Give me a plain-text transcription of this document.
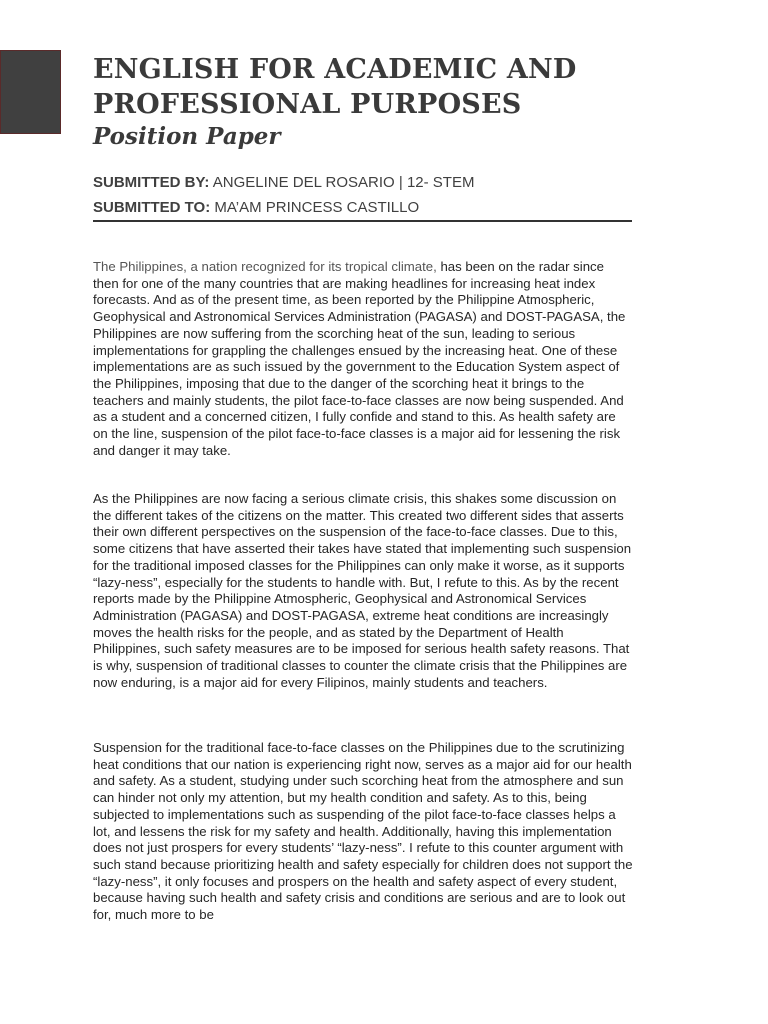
ENGLISH FOR ACADEMIC AND
PROFESSIONAL PURPOSES
Position Paper
SUBMITTED BY: ANGELINE DEL ROSARIO | 12- STEM
SUBMITTED TO: MA’AM PRINCESS CASTILLO

The Philippines, a nation recognized for its tropical climate, has been on the radar since then for one of the many countries that are making headlines for increasing heat index forecasts. And as of the present time, as been reported by the Philippine Atmospheric, Geophysical and Astronomical Services Administration (PAGASA) and DOST-PAGASA, the Philippines are now suffering from the scorching heat of the sun, leading to serious implementations for grappling the challenges ensued by the increasing heat. One of these implementations are as such issued by the government to the Education System aspect of the Philippines, imposing that due to the danger of the scorching heat it brings to the teachers and mainly students, the pilot face-to-face classes are now being suspended. And as a student and a concerned citizen, I fully confide and stand to this. As health safety are on the line, suspension of the pilot face-to-face classes is a major aid for lessening the risk and danger it may take.

As the Philippines are now facing a serious climate crisis, this shakes some discussion on the different takes of the citizens on the matter. This created two different sides that asserts their own different perspectives on the suspension of the face-to-face classes. Due to this, some citizens that have asserted their takes have stated that implementing such suspension for the traditional imposed classes for the Philippines can only make it worse, as it supports “lazy-ness”, especially for the students to handle with. But, I refute to this. As by the recent reports made by the Philippine Atmospheric, Geophysical and Astronomical Services Administration (PAGASA) and DOST-PAGASA, extreme heat conditions are increasingly moves the health risks for the people, and as stated by the Department of Health Philippines, such safety measures are to be imposed for serious health safety reasons. That is why, suspension of traditional classes to counter the climate crisis that the Philippines are now enduring, is a major aid for every Filipinos, mainly students and teachers.

Suspension for the traditional face-to-face classes on the Philippines due to the scrutinizing heat conditions that our nation is experiencing right now, serves as a major aid for our health and safety. As a student, studying under such scorching heat from the atmosphere and sun can hinder not only my attention, but my health condition and safety. As to this, being subjected to implementations such as suspending of the pilot face-to-face classes helps a lot, and lessens the risk for my safety and health. Additionally, having this implementation does not just prospers for every students’ “lazy-ness”. I refute to this counter argument with such stand because prioritizing health and safety especially for children does not support the “lazy-ness”, it only focuses and prospers on the health and safety aspect of every student, because having such health and safety crisis and conditions are serious and are to look out for, much more to be
